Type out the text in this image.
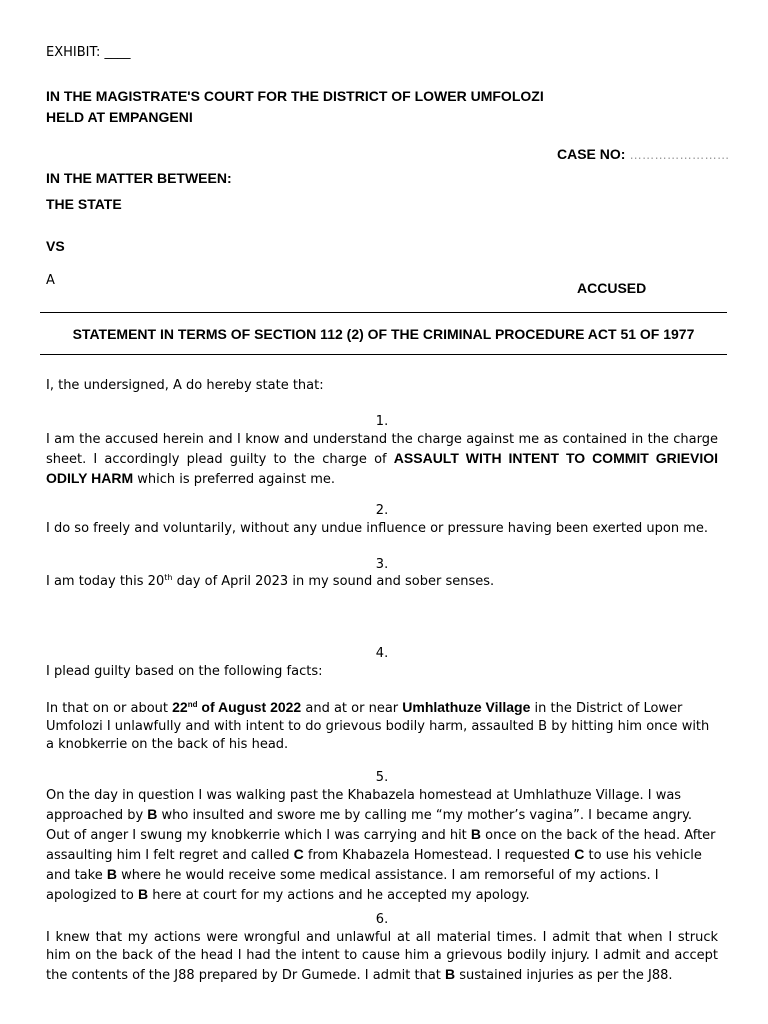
EXHIBIT: ____
IN THE MAGISTRATE'S COURT FOR THE DISTRICT OF LOWER UMFOLOZI
HELD AT EMPANGENI
CASE NO: ……………………
IN THE MATTER BETWEEN:
THE STATE
VS
A	ACCUSED
STATEMENT IN TERMS OF SECTION 112 (2) OF THE CRIMINAL PROCEDURE ACT 51 OF 1977
I, the undersigned, A do hereby state that:
1.
I am the accused herein and I know and understand the charge against me as contained in the charge sheet. I accordingly plead guilty to the charge of ASSAULT WITH INTENT TO COMMIT GRIEVIOI ODILY HARM which is preferred against me.
2.
I do so freely and voluntarily, without any undue influence or pressure having been exerted upon me.
3.
I am today this 20th day of April 2023 in my sound and sober senses.
4.
I plead guilty based on the following facts:
In that on or about 22nd of August 2022 and at or near Umhlathuze Village in the District of Lower Umfolozi I unlawfully and with intent to do grievous bodily harm, assaulted B by hitting him once with a knobkerrie on the back of his head.
5.
On the day in question I was walking past the Khabazela homestead at Umhlathuze Village. I was approached by B who insulted and swore me by calling me “my mother’s vagina”. I became angry. Out of anger I swung my knobkerrie which I was carrying and hit B once on the back of the head. After assaulting him I felt regret and called C from Khabazela Homestead. I requested C to use his vehicle and take B where he would receive some medical assistance. I am remorseful of my actions. I apologized to B here at court for my actions and he accepted my apology.
6.
I knew that my actions were wrongful and unlawful at all material times. I admit that when I struck him on the back of the head I had the intent to cause him a grievous bodily injury. I admit and accept the contents of the J88 prepared by Dr Gumede. I admit that B sustained injuries as per the J88.
